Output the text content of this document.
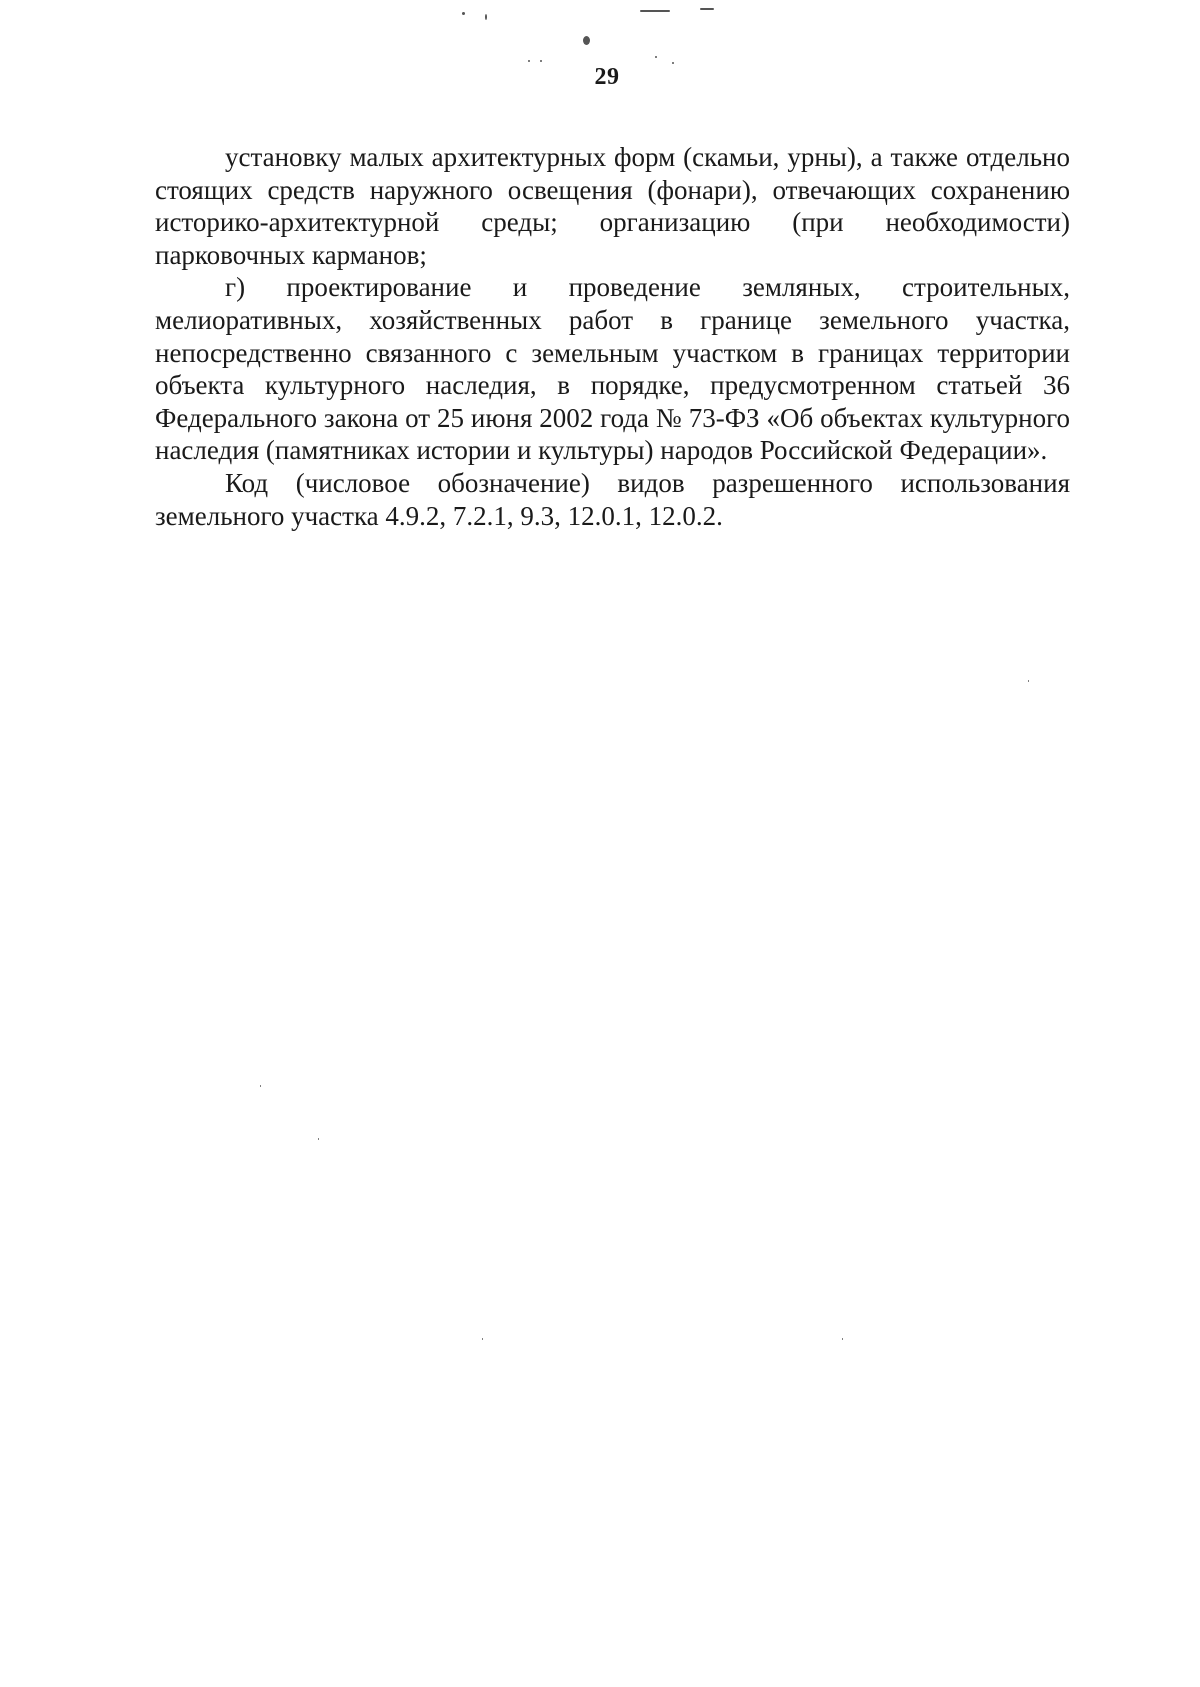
29

установку малых архитектурных форм (скамьи, урны), а также отдельно стоящих средств наружного освещения (фонари), отвечающих сохранению историко-архитектурной среды; организацию (при необходимости) парковочных карманов;

г) проектирование и проведение земляных, строительных, мелиоративных, хозяйственных работ в границе земельного участка, непосредственно связанного с земельным участком в границах территории объекта культурного наследия, в порядке, предусмотренном статьей 36 Федерального закона от 25 июня 2002 года № 73-ФЗ «Об объектах культурного наследия (памятниках истории и культуры) народов Российской Федерации».

Код (числовое обозначение) видов разрешенного использования земельного участка 4.9.2, 7.2.1, 9.3, 12.0.1, 12.0.2.
